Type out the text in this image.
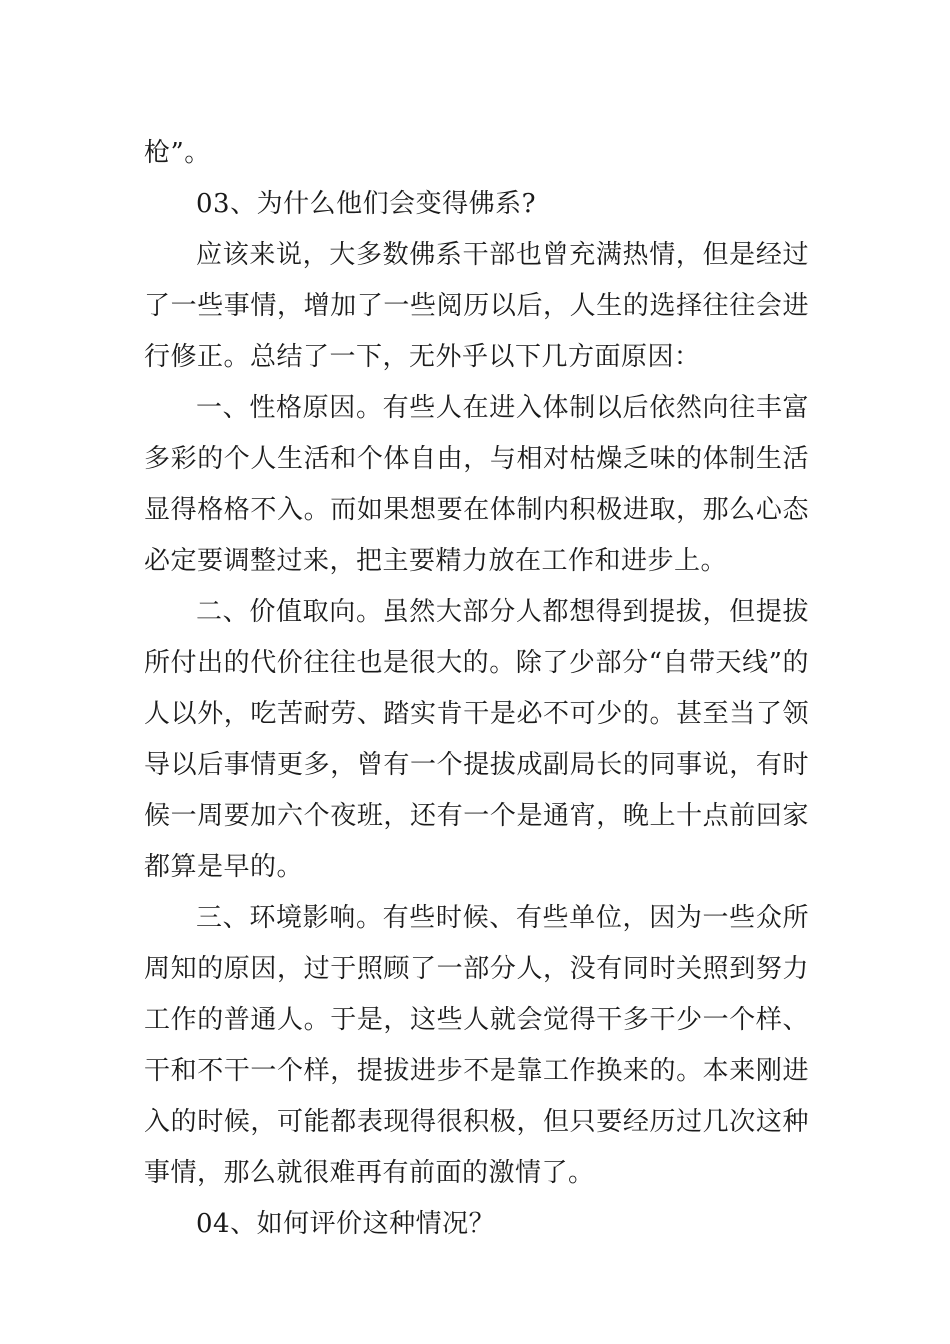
枪”。

03、为什么他们会变得佛系?

应该来说，大多数佛系干部也曾充满热情，但是经过了一些事情，增加了一些阅历以后，人生的选择往往会进行修正。总结了一下，无外乎以下几方面原因：

一、性格原因。有些人在进入体制以后依然向往丰富多彩的个人生活和个体自由，与相对枯燥乏味的体制生活显得格格不入。而如果想要在体制内积极进取，那么心态必定要调整过来，把主要精力放在工作和进步上。

二、价值取向。虽然大部分人都想得到提拔，但提拔所付出的代价往往也是很大的。除了少部分“自带天线”的人以外，吃苦耐劳、踏实肯干是必不可少的。甚至当了领导以后事情更多，曾有一个提拔成副局长的同事说，有时候一周要加六个夜班，还有一个是通宵，晚上十点前回家都算是早的。

三、环境影响。有些时候、有些单位，因为一些众所周知的原因，过于照顾了一部分人，没有同时关照到努力工作的普通人。于是，这些人就会觉得干多干少一个样、干和不干一个样，提拔进步不是靠工作换来的。本来刚进入的时候，可能都表现得很积极，但只要经历过几次这种事情，那么就很难再有前面的激情了。

04、如何评价这种情况？
